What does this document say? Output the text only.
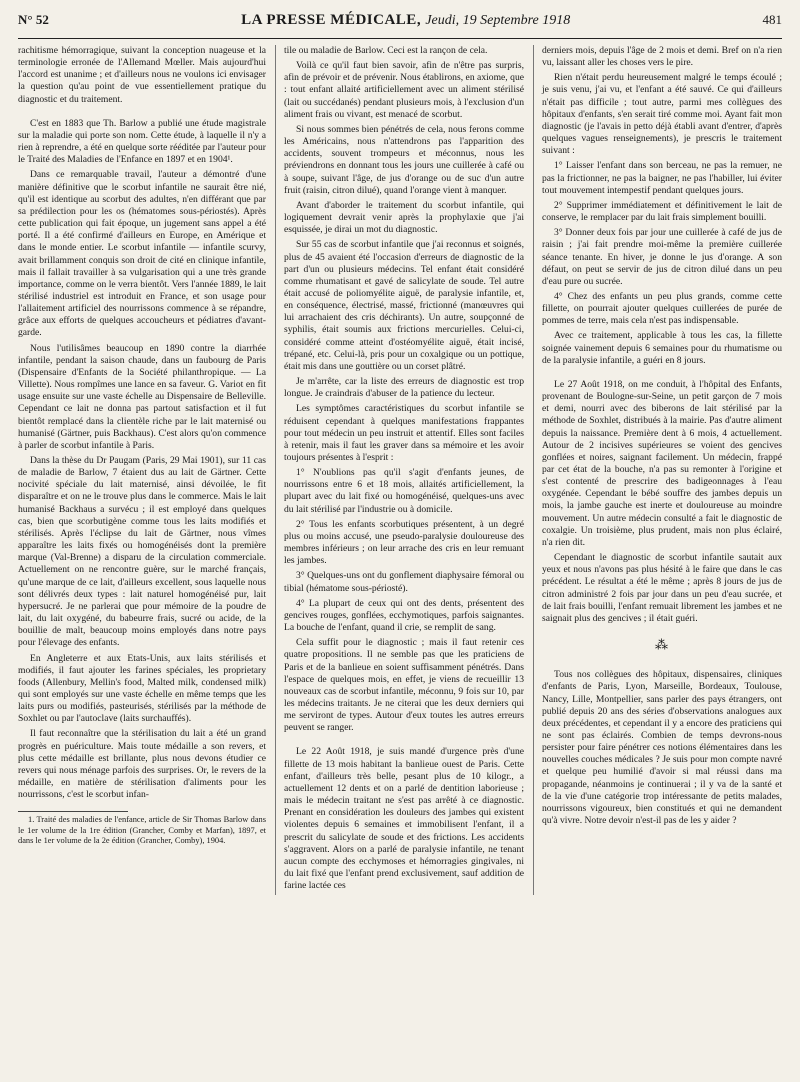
N° 52	LA PRESSE MÉDICALE, Jeudi, 19 Septembre 1918	481

rachitisme hémorragique, suivant la conception nuageuse et la terminologie erronée de l'Allemand Mœller. Mais aujourd'hui l'accord est unanime ; et d'ailleurs nous ne voulons ici envisager la question qu'au point de vue essentiellement pratique du diagnostic et du traitement.

C'est en 1883 que Th. Barlow a publié une étude magistrale sur la maladie qui porte son nom. Cette étude, à laquelle il n'y a rien à reprendre, a été en quelque sorte rééditée par l'auteur pour le Traité des Maladies de l'Enfance en 1897 et en 1904¹.

Dans ce remarquable travail, l'auteur a démontré d'une manière définitive que le scorbut infantile ne saurait être nié, qu'il est identique au scorbut des adultes, n'en différant que par sa prédilection pour les os (hématomes sous-périostés). Après cette publication qui fait époque, un jugement sans appel a été porté. Il a été confirmé d'ailleurs en Europe, en Amérique et dans le monde entier. Le scorbut infantile — infantile scurvy, avait brillamment conquis son droit de cité en clinique infantile, mais il fallait travailler à sa vulgarisation qui a une très grande importance, comme on le verra bientôt. Vers l'année 1889, le lait stérilisé industriel est introduit en France, et son usage pour l'allaitement artificiel des nourrissons commence à se répandre, grâce aux efforts de quelques accoucheurs et pédiatres d'avant-garde.

Nous l'utilisâmes beaucoup en 1890 contre la diarrhée infantile, pendant la saison chaude, dans un faubourg de Paris (Dispensaire d'Enfants de la Société philanthropique. — La Villette). Nous rompîmes une lance en sa faveur. G. Variot en fit usage ensuite sur une vaste échelle au Dispensaire de Belleville. Cependant ce lait ne donna pas partout satisfaction et il fut bientôt remplacé dans la clientèle riche par le lait maternisé ou humanisé (Gärtner, puis Backhaus). C'est alors qu'on commence à parler de scorbut infantile à Paris.

Dans la thèse du Dr Paugam (Paris, 29 Mai 1901), sur 11 cas de maladie de Barlow, 7 étaient dus au lait de Gärtner. Cette nocivité spéciale du lait maternisé, ainsi dévoilée, le fit disparaître et on ne le trouve plus dans le commerce. Mais le lait humanisé Backhaus a survécu ; il est employé dans quelques cas, bien que scorbutigène comme tous les laits modifiés et stérilisés. Après l'éclipse du lait de Gärtner, nous vîmes apparaître les laits fixés ou homogénéisés dont la première marque (Val-Brenne) a disparu de la circulation commerciale. Actuellement on ne rencontre guère, sur le marché français, qu'une marque de ce lait, d'ailleurs excellent, sous laquelle nous sont délivrés deux types : lait naturel homogénéisé pur, lait hypersucré. Je ne parlerai que pour mémoire de la poudre de lait, du lait oxygéné, du babeurre frais, sucré ou acide, de la bouillie de malt, beaucoup moins employés dans notre pays pour l'élevage des enfants.

En Angleterre et aux Etats-Unis, aux laits stérilisés et modifiés, il faut ajouter les farines spéciales, les proprietary foods (Allenbury, Mellin's food, Malted milk, condensed milk) qui sont employés sur une vaste échelle en même temps que les laits purs ou modifiés, pasteurisés, stérilisés par la méthode de Soxhlet ou par l'autoclave (laits surchauffés).

Il faut reconnaître que la stérilisation du lait a été un grand progrès en puériculture. Mais toute médaille a son revers, et plus cette médaille est brillante, plus nous devons étudier ce revers qui nous ménage parfois des surprises. Or, le revers de la médaille, en matière de stérilisation d'aliments pour les nourrissons, c'est le scorbut infan-

1. Traité des maladies de l'enfance, article de Sir Thomas Barlow dans le 1er volume de la 1re édition (Grancher, Comby et Marfan), 1897, et dans le 1er volume de la 2e édition (Grancher, Comby), 1904.

tile ou maladie de Barlow. Ceci est la rançon de cela.

Voilà ce qu'il faut bien savoir, afin de n'être pas surpris, afin de prévoir et de prévenir. Nous établirons, en axiome, que : tout enfant allaité artificiellement avec un aliment stérilisé (lait ou succédanés) pendant plusieurs mois, à l'exclusion d'un aliment frais ou vivant, est menacé de scorbut.

Si nous sommes bien pénétrés de cela, nous ferons comme les Américains, nous n'attendrons pas l'apparition des accidents, souvent trompeurs et méconnus, nous les préviendrons en donnant tous les jours une cuillerée à café ou à soupe, suivant l'âge, de jus d'orange ou de suc d'un autre fruit (raisin, citron dilué), quand l'orange vient à manquer.

Avant d'aborder le traitement du scorbut infantile, qui logiquement devrait venir après la prophylaxie que j'ai esquissée, je dirai un mot du diagnostic.

Sur 55 cas de scorbut infantile que j'ai reconnus et soignés, plus de 45 avaient été l'occasion d'erreurs de diagnostic de la part d'un ou plusieurs médecins. Tel enfant était considéré comme rhumatisant et gavé de salicylate de soude. Tel autre était accusé de poliomyélite aiguë, de paralysie infantile, et, en conséquence, électrisé, massé, frictionné (manœuvres qui lui arrachaient des cris déchirants). Un autre, soupçonné de syphilis, était soumis aux frictions mercurielles. Celui-ci, considéré comme atteint d'ostéomyélite aiguë, était incisé, trépané, etc. Celui-là, pris pour un coxalgique ou un pottique, était mis dans une gouttière ou un corset plâtré.

Je m'arrête, car la liste des erreurs de diagnostic est trop longue. Je craindrais d'abuser de la patience du lecteur.

Les symptômes caractéristiques du scorbut infantile se réduisent cependant à quelques manifestations frappantes pour tout médecin un peu instruit et attentif. Elles sont faciles à retenir, mais il faut les graver dans sa mémoire et les avoir toujours présentes à l'esprit :

1° N'oublions pas qu'il s'agit d'enfants jeunes, de nourrissons entre 6 et 18 mois, allaités artificiellement, la plupart avec du lait fixé ou homogénéisé, quelques-uns avec du lait stérilisé par l'industrie ou à domicile.

2° Tous les enfants scorbutiques présentent, à un degré plus ou moins accusé, une pseudo-paralysie douloureuse des membres inférieurs ; on leur arrache des cris en leur remuant les jambes.

3° Quelques-uns ont du gonflement diaphysaire fémoral ou tibial (hématome sous-périosté).

4° La plupart de ceux qui ont des dents, présentent des gencives rouges, gonflées, ecchymotiques, parfois saignantes. La bouche de l'enfant, quand il crie, se remplit de sang.

Cela suffit pour le diagnostic ; mais il faut retenir ces quatre propositions. Il ne semble pas que les praticiens de Paris et de la banlieue en soient suffisamment pénétrés. Dans l'espace de quelques mois, en effet, je viens de recueillir 13 nouveaux cas de scorbut infantile, méconnu, 9 fois sur 10, par les médecins traitants. Je ne citerai que les deux derniers qui me serviront de types. Autour d'eux toutes les autres erreurs peuvent se ranger.

Le 22 Août 1918, je suis mandé d'urgence près d'une fillette de 13 mois habitant la banlieue ouest de Paris. Cette enfant, d'ailleurs très belle, pesant plus de 10 kilogr., a actuellement 12 dents et on a parlé de dentition laborieuse ; mais le médecin traitant ne s'est pas arrêté à ce diagnostic. Prenant en considération les douleurs des jambes qui existent violentes depuis 6 semaines et immobilisent l'enfant, il a prescrit du salicylate de soude et des frictions. Les accidents s'aggravent. Alors on a parlé de paralysie infantile, ne tenant aucun compte des ecchymoses et hémorragies gingivales, ni du lait fixé que l'enfant prend exclusivement, sauf addition de farine lactée ces

derniers mois, depuis l'âge de 2 mois et demi. Bref on n'a rien vu, laissant aller les choses vers le pire.

Rien n'était perdu heureusement malgré le temps écoulé ; je suis venu, j'ai vu, et l'enfant a été sauvé. Ce qui d'ailleurs n'était pas difficile ; tout autre, parmi mes collègues des hôpitaux d'enfants, s'en serait tiré comme moi. Ayant fait mon diagnostic (je l'avais in petto déjà établi avant d'entrer, d'après quelques vagues renseignements), je prescris le traitement suivant :

1° Laisser l'enfant dans son berceau, ne pas la remuer, ne pas la frictionner, ne pas la baigner, ne pas l'habiller, lui éviter tout mouvement intempestif pendant quelques jours.

2° Supprimer immédiatement et définitivement le lait de conserve, le remplacer par du lait frais simplement bouilli.

3° Donner deux fois par jour une cuillerée à café de jus de raisin ; j'ai fait prendre moi-même la première cuillerée séance tenante. En hiver, je donne le jus d'orange. A son défaut, on peut se servir de jus de citron dilué dans un peu d'eau pure ou sucrée.

4° Chez des enfants un peu plus grands, comme cette fillette, on pourrait ajouter quelques cuillerées de purée de pommes de terre, mais cela n'est pas indispensable.

Avec ce traitement, applicable à tous les cas, la fillette soignée vainement depuis 6 semaines pour du rhumatisme ou de la paralysie infantile, a guéri en 8 jours.

Le 27 Août 1918, on me conduit, à l'hôpital des Enfants, provenant de Boulogne-sur-Seine, un petit garçon de 7 mois et demi, nourri avec des biberons de lait stérilisé par la méthode de Soxhlet, distribués à la mairie. Pas d'autre aliment depuis la naissance. Première dent à 6 mois, 4 actuellement. Autour de 2 incisives supérieures se voient des gencives gonflées et noires, saignant facilement. Un médecin, frappé par cet état de la bouche, n'a pas su remonter à l'origine et s'est contenté de prescrire des badigeonnages à l'eau oxygénée. Cependant le bébé souffre des jambes depuis un mois, la jambe gauche est inerte et douloureuse au moindre mouvement. Un autre médecin consulté a fait le diagnostic de coxalgie. Un troisième, plus prudent, mais non plus éclairé, n'a rien dit.

Cependant le diagnostic de scorbut infantile sautait aux yeux et nous n'avons pas plus hésité à le faire que dans le cas précédent. Le résultat a été le même ; après 8 jours de jus de citron administré 2 fois par jour dans un peu d'eau sucrée, et de lait frais bouilli, l'enfant remuait librement les jambes et ne saignait plus des gencives ; il était guéri.

⁂

Tous nos collègues des hôpitaux, dispensaires, cliniques d'enfants de Paris, Lyon, Marseille, Bordeaux, Toulouse, Nancy, Lille, Montpellier, sans parler des pays étrangers, ont publié depuis 20 ans des séries d'observations analogues aux deux précédentes, et cependant il y a encore des praticiens qui ne sont pas éclairés. Combien de temps devrons-nous persister pour faire pénétrer ces notions élémentaires dans les nouvelles couches médicales ? Je suis pour mon compte navré et quelque peu humilié d'avoir si mal réussi dans ma propagande, néanmoins je continuerai ; il y va de la santé et de la vie d'une catégorie trop intéressante de petits malades, nourrissons vigoureux, bien constitués et qui ne demandent qu'à vivre. Notre devoir n'est-il pas de les y aider ?
